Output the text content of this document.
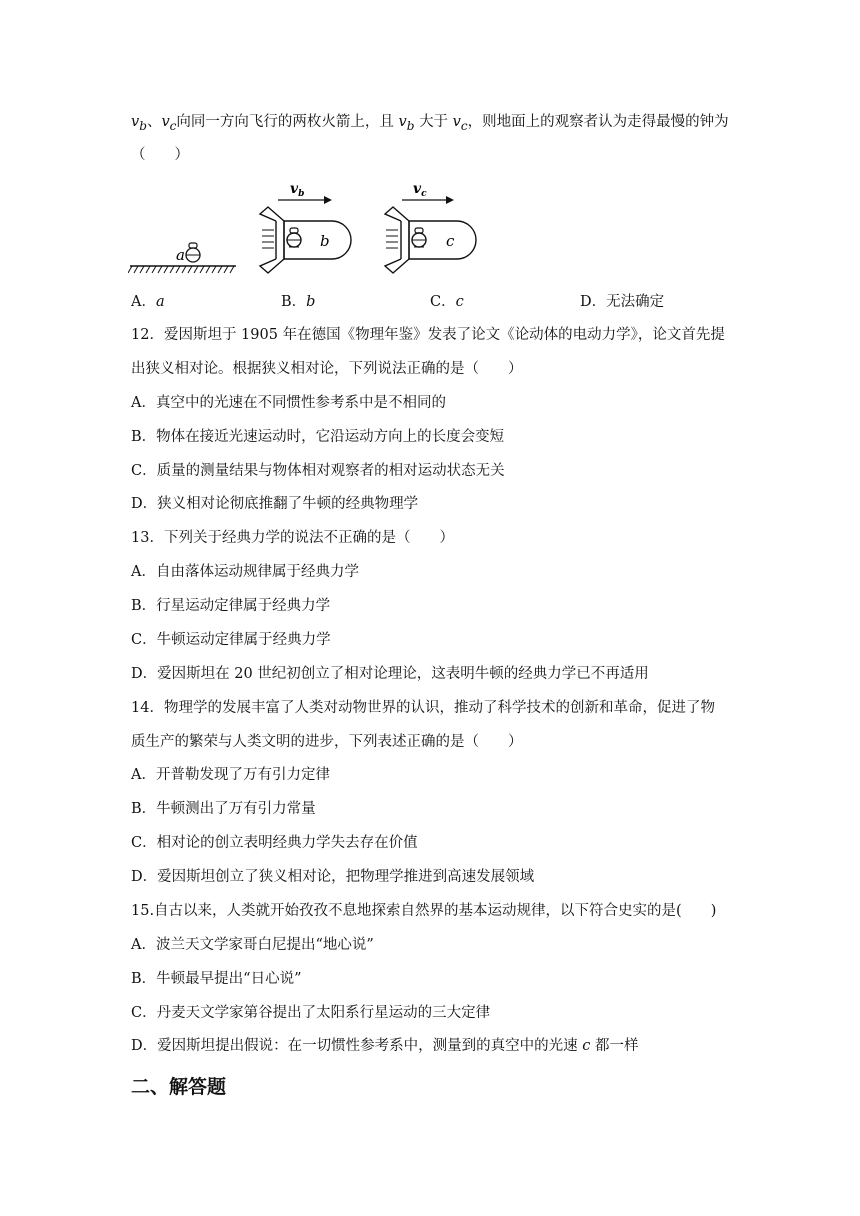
$v_b$、$v_c$向同一方向飞行的两枚火箭上，且 $v_b$ 大于 $v_c$，则地面上的观察者认为走得最慢的钟为
（　　）
a
b
$v_b$
c
$v_c$
A．a	B．b	C．c	D．无法确定
12．爱因斯坦于 1905 年在德国《物理年鉴》发表了论文《论动体的电动力学》，论文首先提
出狭义相对论。根据狭义相对论，下列说法正确的是（　　）
A．真空中的光速在不同惯性参考系中是不相同的
B．物体在接近光速运动时，它沿运动方向上的长度会变短
C．质量的测量结果与物体相对观察者的相对运动状态无关
D．狭义相对论彻底推翻了牛顿的经典物理学
13．下列关于经典力学的说法不正确的是（　　）
A．自由落体运动规律属于经典力学
B．行星运动定律属于经典力学
C．牛顿运动定律属于经典力学
D．爱因斯坦在 20 世纪初创立了相对论理论，这表明牛顿的经典力学已不再适用
14．物理学的发展丰富了人类对动物世界的认识，推动了科学技术的创新和革命，促进了物
质生产的繁荣与人类文明的进步，下列表述正确的是（　　）
A．开普勒发现了万有引力定律
B．牛顿测出了万有引力常量
C．相对论的创立表明经典力学失去存在价值
D．爱因斯坦创立了狭义相对论，把物理学推进到高速发展领域
15.自古以来，人类就开始孜孜不息地探索自然界的基本运动规律，以下符合史实的是(　　)
A．波兰天文学家哥白尼提出“地心说”
B．牛顿最早提出“日心说”
C．丹麦天文学家第谷提出了太阳系行星运动的三大定律
D．爱因斯坦提出假说：在一切惯性参考系中，测量到的真空中的光速 c 都一样
二、解答题
